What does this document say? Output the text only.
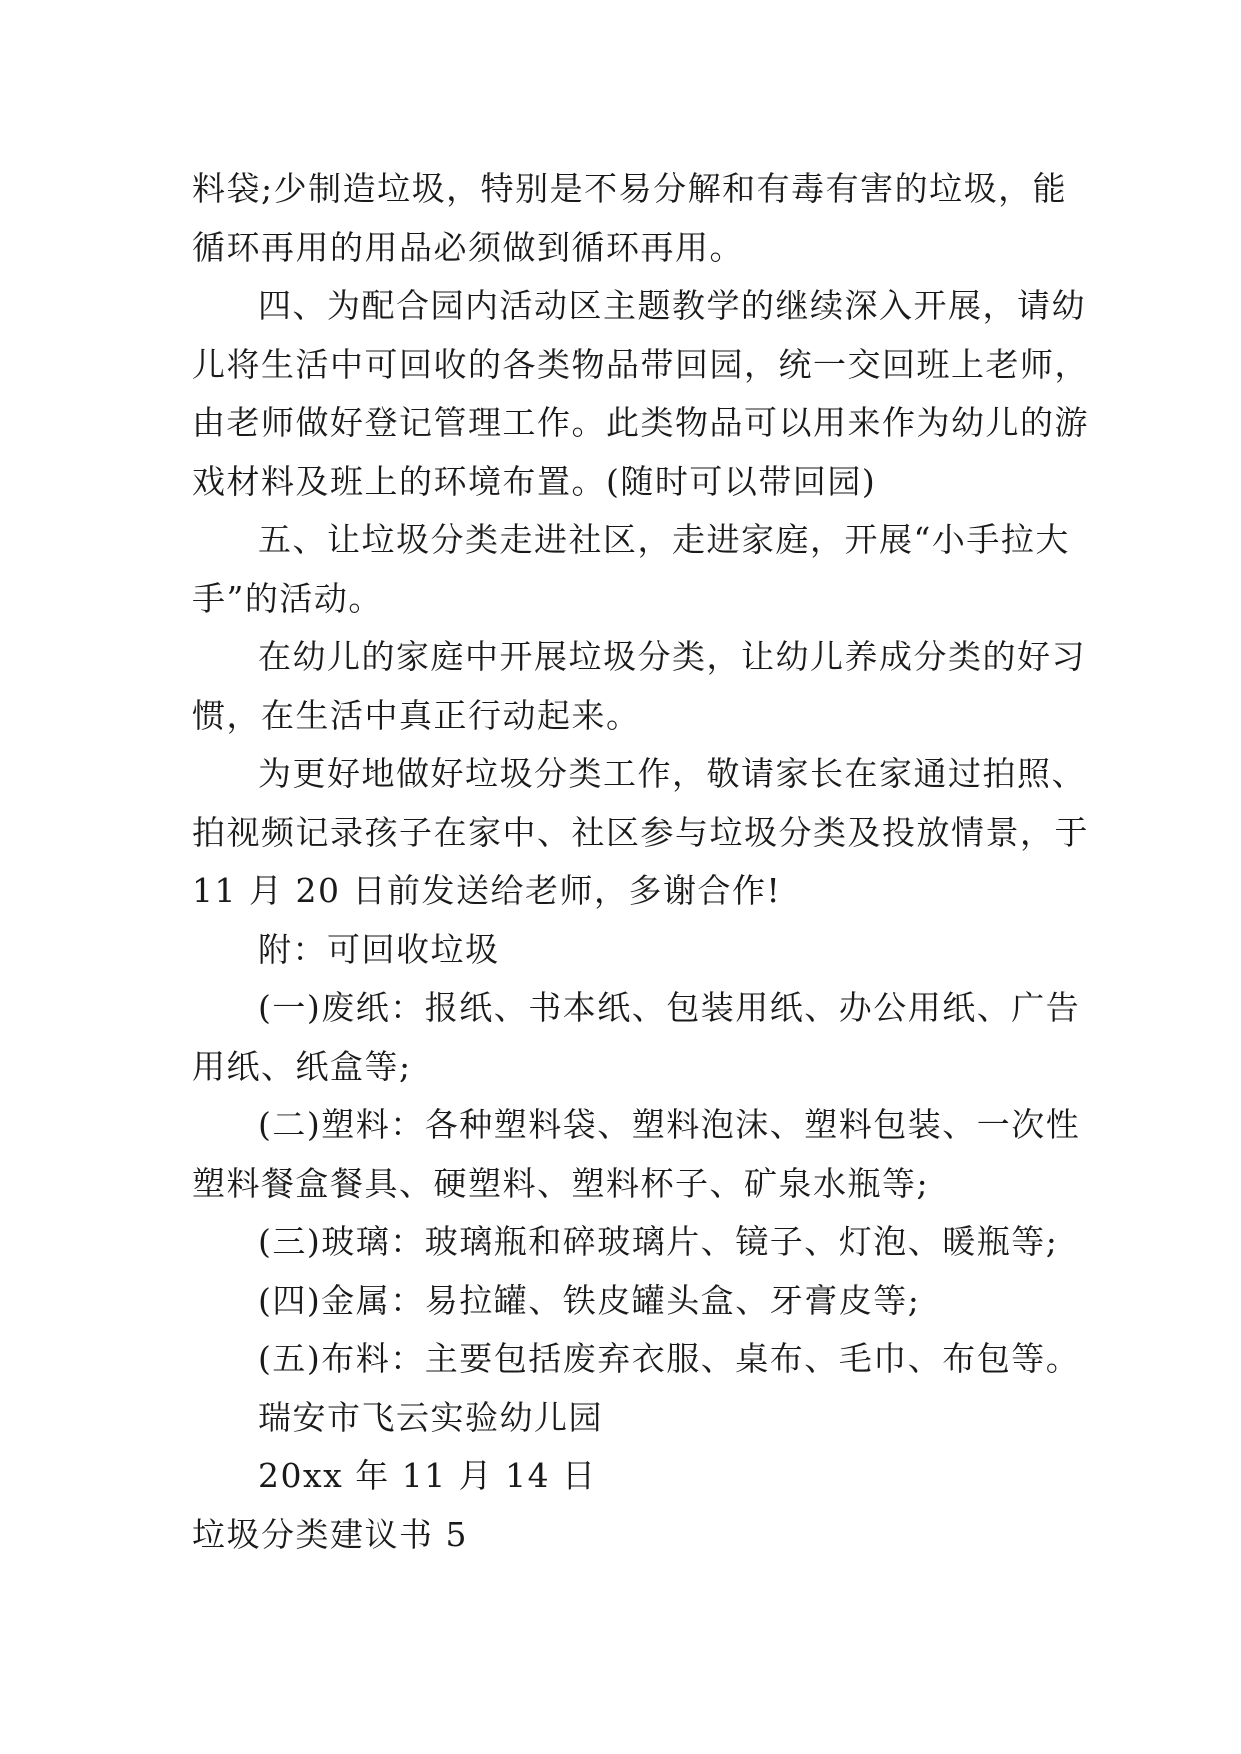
料袋;少制造垃圾，特别是不易分解和有毒有害的垃圾，能
循环再用的用品必须做到循环再用。
四、为配合园内活动区主题教学的继续深入开展，请幼
儿将生活中可回收的各类物品带回园，统一交回班上老师，
由老师做好登记管理工作。此类物品可以用来作为幼儿的游
戏材料及班上的环境布置。(随时可以带回园)
五、让垃圾分类走进社区，走进家庭，开展“小手拉大
手”的活动。
在幼儿的家庭中开展垃圾分类，让幼儿养成分类的好习
惯，在生活中真正行动起来。
为更好地做好垃圾分类工作，敬请家长在家通过拍照、
拍视频记录孩子在家中、社区参与垃圾分类及投放情景，于
11 月 20 日前发送给老师，多谢合作!
附：可回收垃圾
(一)废纸：报纸、书本纸、包装用纸、办公用纸、广告
用纸、纸盒等;
(二)塑料：各种塑料袋、塑料泡沫、塑料包装、一次性
塑料餐盒餐具、硬塑料、塑料杯子、矿泉水瓶等;
(三)玻璃：玻璃瓶和碎玻璃片、镜子、灯泡、暖瓶等;
(四)金属：易拉罐、铁皮罐头盒、牙膏皮等;
(五)布料：主要包括废弃衣服、桌布、毛巾、布包等。
瑞安市飞云实验幼儿园
20xx 年 11 月 14 日
垃圾分类建议书 5
